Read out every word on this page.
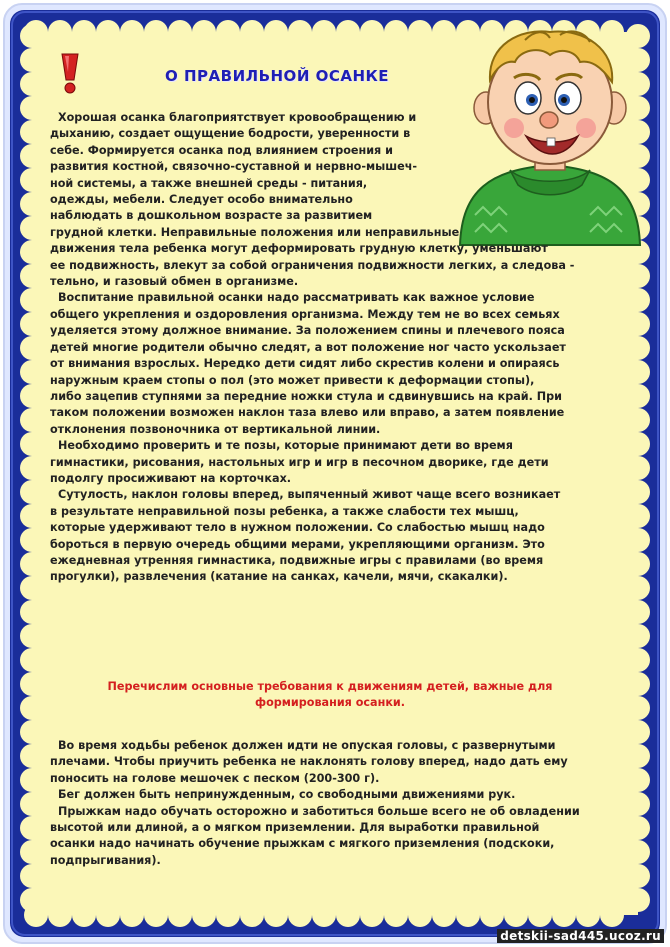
О ПРАВИЛЬНОЙ ОСАНКЕ
Хорошая осанка благоприятствует кровообращению и
дыханию, создает ощущение бодрости, уверенности в
себе. Формируется осанка под влиянием строения и
развития костной, связочно-суставной и нервно-мышеч-
ной системы, а также внешней среды - питания,
одежды, мебели. Следует особо внимательно
наблюдать в дошкольном возрасте за развитием
грудной клетки. Неправильные положения или неправильные
движения тела ребенка могут деформировать грудную клетку, уменьшают
ее подвижность, влекут за собой ограничения подвижности легких, а следова -
тельно, и газовый обмен в организме.
Воспитание правильной осанки надо рассматривать как важное условие
общего укрепления и оздоровления организма. Между тем не во всех семьях
уделяется этому должное внимание. За положением спины и плечевого пояса
детей многие родители обычно следят, а вот положение ног часто ускользает
от внимания взрослых. Нередко дети сидят либо скрестив колени и опираясь
наружным краем стопы о пол (это может привести к деформации стопы),
либо зацепив ступнями за передние ножки стула и сдвинувшись на край. При
таком положении возможен наклон таза влево или вправо, а затем появление
отклонения позвоночника от вертикальной линии.
Необходимо проверить и те позы, которые принимают дети во время
гимнастики, рисования, настольных игр и игр в песочном дворике, где дети
подолгу просиживают на корточках.
Сутулость, наклон головы вперед, выпяченный живот чаще всего возникает
в результате неправильной позы ребенка, а также слабости тех мышц,
которые удерживают тело в нужном положении. Со слабостью мышц надо
бороться в первую очередь общими мерами, укрепляющими организм. Это
ежедневная утренняя гимнастика, подвижные игры с правилами (во время
прогулки), развлечения (катание на санках, качели, мячи, скакалки).
Перечислим основные требования к движениям детей, важные для
формирования осанки.
Во время ходьбы ребенок должен идти не опуская головы, с развернутыми
плечами. Чтобы приучить ребенка не наклонять голову вперед, надо дать ему
поносить на голове мешочек с песком (200-300 г).
Бег должен быть непринужденным, со свободными движениями рук.
Прыжкам надо обучать осторожно и заботиться больше всего не об овладении
высотой или длиной, а о мягком приземлении. Для выработки правильной
осанки надо начинать обучение прыжкам с мягкого приземления (подскоки,
подпрыгивания).
detskii-sad445.ucoz.ru
